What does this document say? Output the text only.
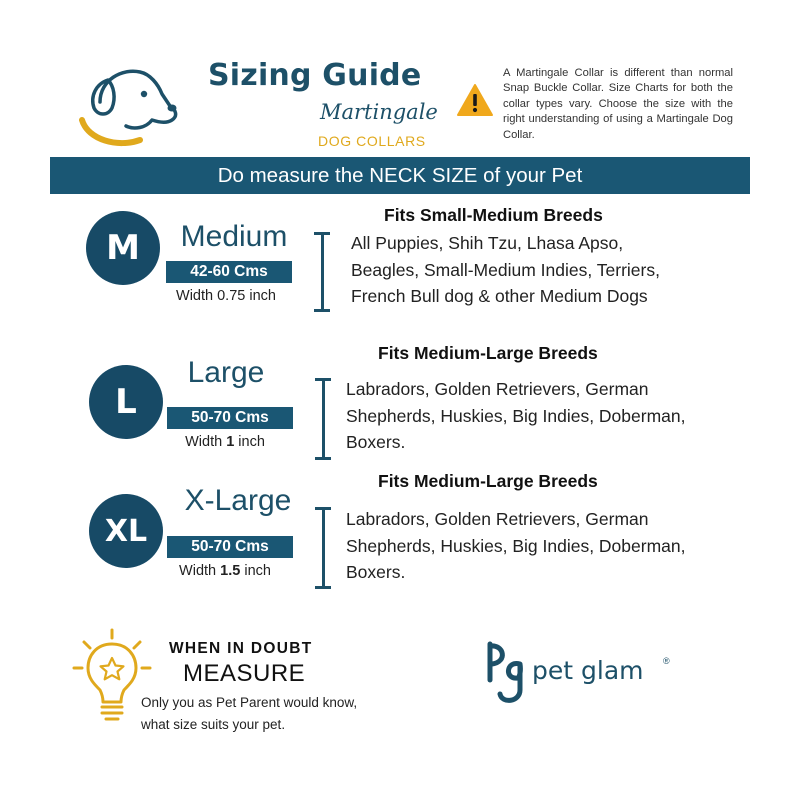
Sizing Guide
Martingale
DOG COLLARS
A Martingale Collar is different than normal Snap Buckle Collar. Size Charts for both the collar types vary. Choose the size with the right understanding of using a Martingale Dog Collar.
Do measure the NECK SIZE of your Pet
M	Medium
42-60 Cms
Width 0.75 inch
Fits Small-Medium Breeds
All Puppies, Shih Tzu, Lhasa Apso,
Beagles, Small-Medium Indies, Terriers,
French Bull dog & other Medium Dogs
L
Large
50-70 Cms
Width 1 inch
Fits Medium-Large Breeds
Labradors, Golden Retrievers, German
Shepherds, Huskies, Big Indies, Doberman,
Boxers.
XL
X-Large
50-70 Cms
Width 1.5 inch
Fits Medium-Large Breeds
Labradors, Golden Retrievers, German
Shepherds, Huskies, Big Indies, Doberman,
Boxers.
WHEN IN DOUBT
MEASURE
Only you as Pet Parent would know, what size suits your pet.
pet glam ®
